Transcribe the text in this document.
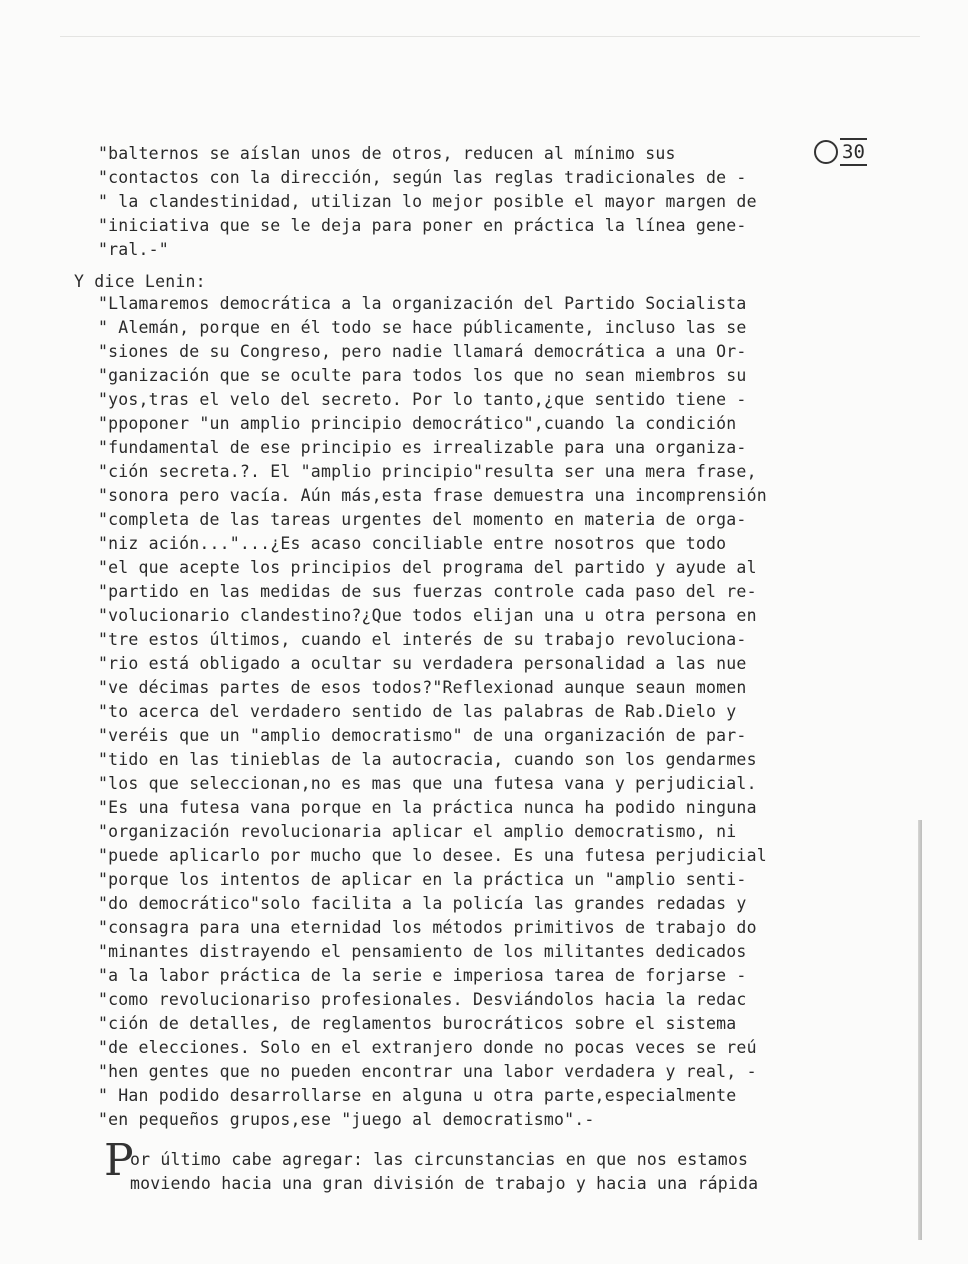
30
"balternos se aíslan unos de otros, reducen al mínimo sus
"contactos con la dirección, según las reglas tradicionales de -
" la clandestinidad, utilizan lo mejor posible el mayor margen de
"iniciativa que se le deja para poner en práctica la línea gene-
"ral.-"
Y dice Lenin:
"Llamaremos democrática a la organización del Partido Socialista
" Alemán, porque en él todo se hace públicamente, incluso las se
"siones de su Congreso, pero nadie llamará democrática a una Or-
"ganización que se oculte para todos los que no sean miembros su
"yos,tras el velo del secreto. Por lo tanto,¿que sentido tiene -
"ppoponer "un amplio principio democrático",cuando la condición
"fundamental de ese principio es irrealizable para una organiza-
"ción secreta.?. El "amplio principio"resulta ser una mera frase,
"sonora pero vacía. Aún más,esta frase demuestra una incomprensión
"completa de las tareas urgentes del momento en materia de orga-
"niz ación..."...¿Es acaso conciliable entre nosotros que todo
"el que acepte los principios del programa del partido y ayude al
"partido en las medidas de sus fuerzas controle cada paso del re-
"volucionario clandestino?¿Que todos elijan una u otra persona en
"tre estos últimos, cuando el interés de su trabajo revoluciona-
"rio está obligado a ocultar su verdadera personalidad a las nue
"ve décimas partes de esos todos?"Reflexionad aunque seaun momen
"to acerca del verdadero sentido de las palabras de Rab.Dielo y
"veréis que un "amplio democratismo" de una organización de par-
"tido en las tinieblas de la autocracia, cuando son los gendarmes
"los que seleccionan,no es mas que una futesa vana y perjudicial.
"Es una futesa vana porque en la práctica nunca ha podido ninguna
"organización revolucionaria aplicar el amplio democratismo, ni
"puede aplicarlo por mucho que lo desee. Es una futesa perjudicial
"porque los intentos de aplicar en la práctica un "amplio senti-
"do democrático"solo facilita a la policía las grandes redadas y
"consagra para una eternidad los métodos primitivos de trabajo do
"minantes distrayendo el pensamiento de los militantes dedicados
"a la labor práctica de la serie e imperiosa tarea de forjarse -
"como revolucionariso profesionales. Desviándolos hacia la redac
"ción de detalles, de reglamentos burocráticos sobre el sistema
"de elecciones. Solo en el extranjero donde no pocas veces se reú
"hen gentes que no pueden encontrar una labor verdadera y real, -
" Han podido desarrollarse en alguna u otra parte,especialmente
"en pequeños grupos,ese "juego al democratismo".-
P
or último cabe agregar: las circunstancias en que nos estamos
moviendo hacia una gran división de trabajo y hacia una rápida
